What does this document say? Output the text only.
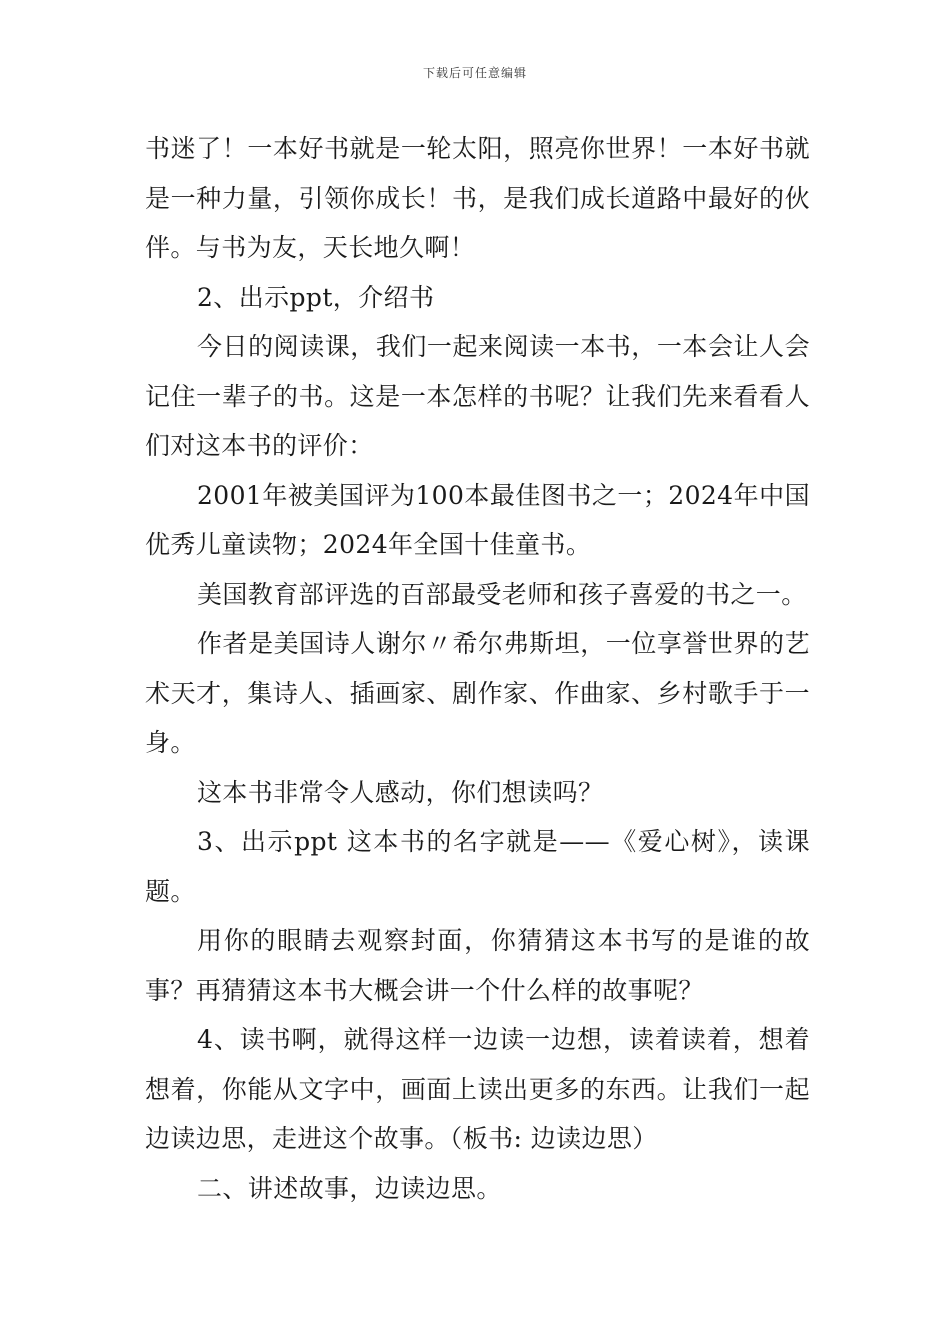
下载后可任意编辑

书迷了！一本好书就是一轮太阳，照亮你世界！一本好书就是一种力量，引领你成长！书，是我们成长道路中最好的伙伴。与书为友，天长地久啊！

2、出示ppt，介绍书

今日的阅读课，我们一起来阅读一本书，一本会让人会记住一辈子的书。这是一本怎样的书呢？让我们先来看看人们对这本书的评价：

2001年被美国评为100本最佳图书之一；2024年中国优秀儿童读物；2024年全国十佳童书。

美国教育部评选的百部最受老师和孩子喜爱的书之一。

作者是美国诗人谢尔〃希尔弗斯坦，一位享誉世界的艺术天才，集诗人、插画家、剧作家、作曲家、乡村歌手于一身。

这本书非常令人感动，你们想读吗？

3、出示ppt 这本书的名字就是——《爱心树》，读课题。

用你的眼睛去观察封面，你猜猜这本书写的是谁的故事？再猜猜这本书大概会讲一个什么样的故事呢？

4、读书啊，就得这样一边读一边想，读着读着，想着想着，你能从文字中，画面上读出更多的东西。让我们一起边读边思，走进这个故事。（板书: 边读边思）

二、讲述故事，边读边思。
